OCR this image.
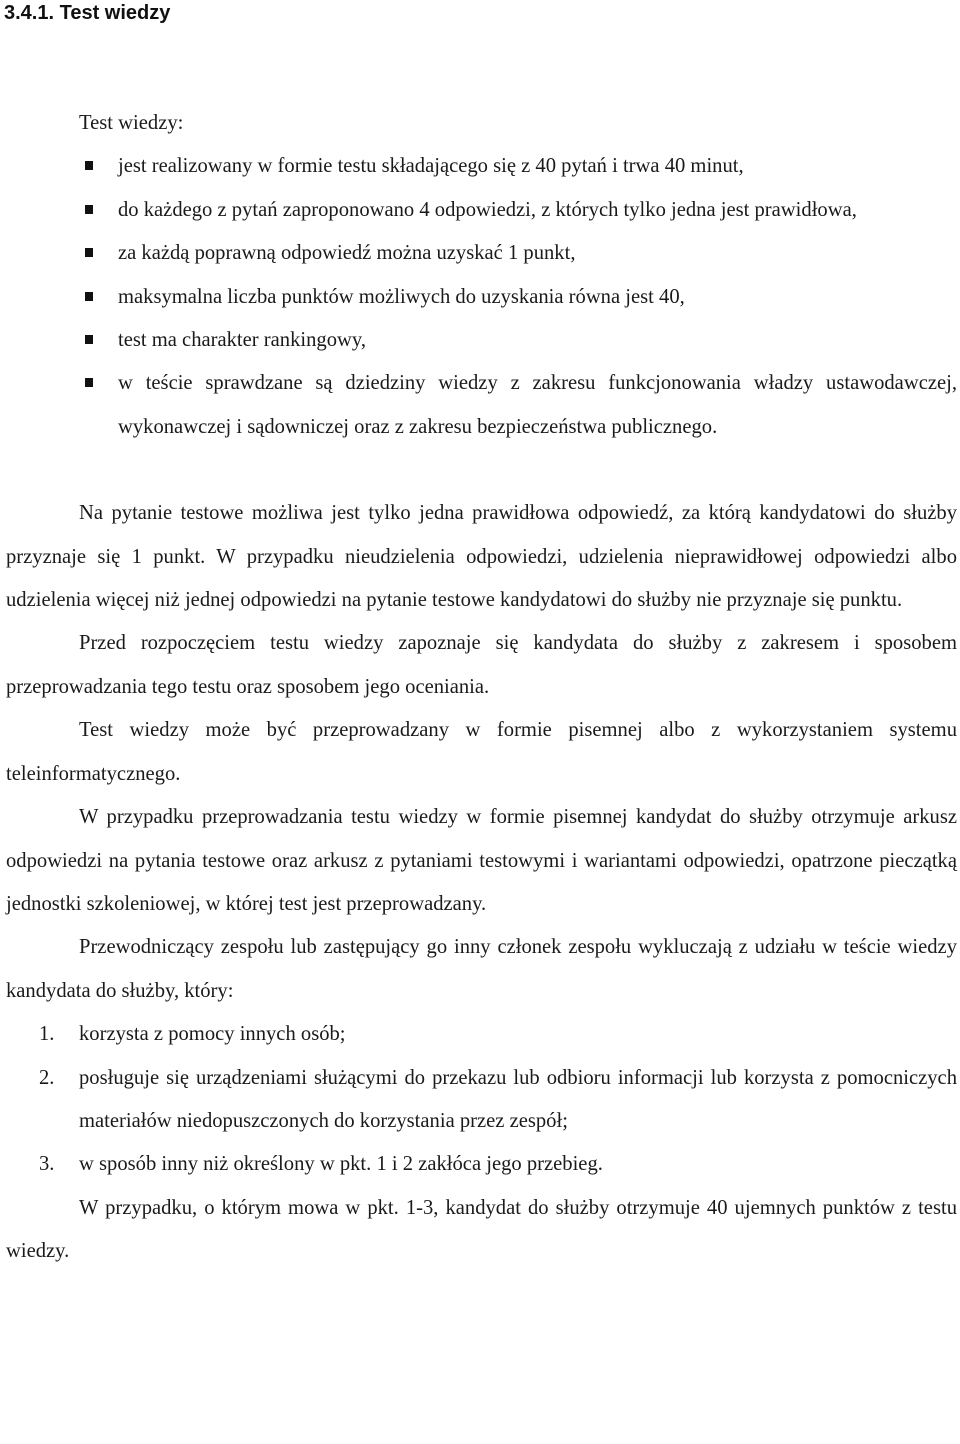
3.4.1. Test wiedzy

Test wiedzy:

jest realizowany w formie testu składającego się z 40 pytań i trwa 40 minut,
do każdego z pytań zaproponowano 4 odpowiedzi, z których tylko jedna jest prawidłowa,
za każdą poprawną odpowiedź można uzyskać 1 punkt,
maksymalna liczba punktów możliwych do uzyskania równa jest 40,
test ma charakter rankingowy,
w teście sprawdzane są dziedziny wiedzy z zakresu funkcjonowania władzy ustawodawczej, wykonawczej i sądowniczej oraz z zakresu bezpieczeństwa publicznego.

Na pytanie testowe możliwa jest tylko jedna prawidłowa odpowiedź, za którą kandydatowi do służby przyznaje się 1 punkt. W przypadku nieudzielenia odpowiedzi, udzielenia nieprawidłowej odpowiedzi albo udzielenia więcej niż jednej odpowiedzi na pytanie testowe kandydatowi do służby nie przyznaje się punktu.

Przed rozpoczęciem testu wiedzy zapoznaje się kandydata do służby z zakresem i sposobem przeprowadzania tego testu oraz sposobem jego oceniania.

Test wiedzy może być przeprowadzany w formie pisemnej albo z wykorzystaniem systemu teleinformatycznego.

W przypadku przeprowadzania testu wiedzy w formie pisemnej kandydat do służby otrzymuje arkusz odpowiedzi na pytania testowe oraz arkusz z pytaniami testowymi i wariantami odpowiedzi, opatrzone pieczątką jednostki szkoleniowej, w której test jest przeprowadzany.

Przewodniczący zespołu lub zastępujący go inny członek zespołu wykluczają z udziału w teście wiedzy kandydata do służby, który:

1. korzysta z pomocy innych osób;
2. posługuje się urządzeniami służącymi do przekazu lub odbioru informacji lub korzysta z pomocniczych materiałów niedopuszczonych do korzystania przez zespół;
3. w sposób inny niż określony w pkt. 1 i 2 zakłóca jego przebieg.

W przypadku, o którym mowa w pkt. 1-3, kandydat do służby otrzymuje 40 ujemnych punktów z testu wiedzy.
